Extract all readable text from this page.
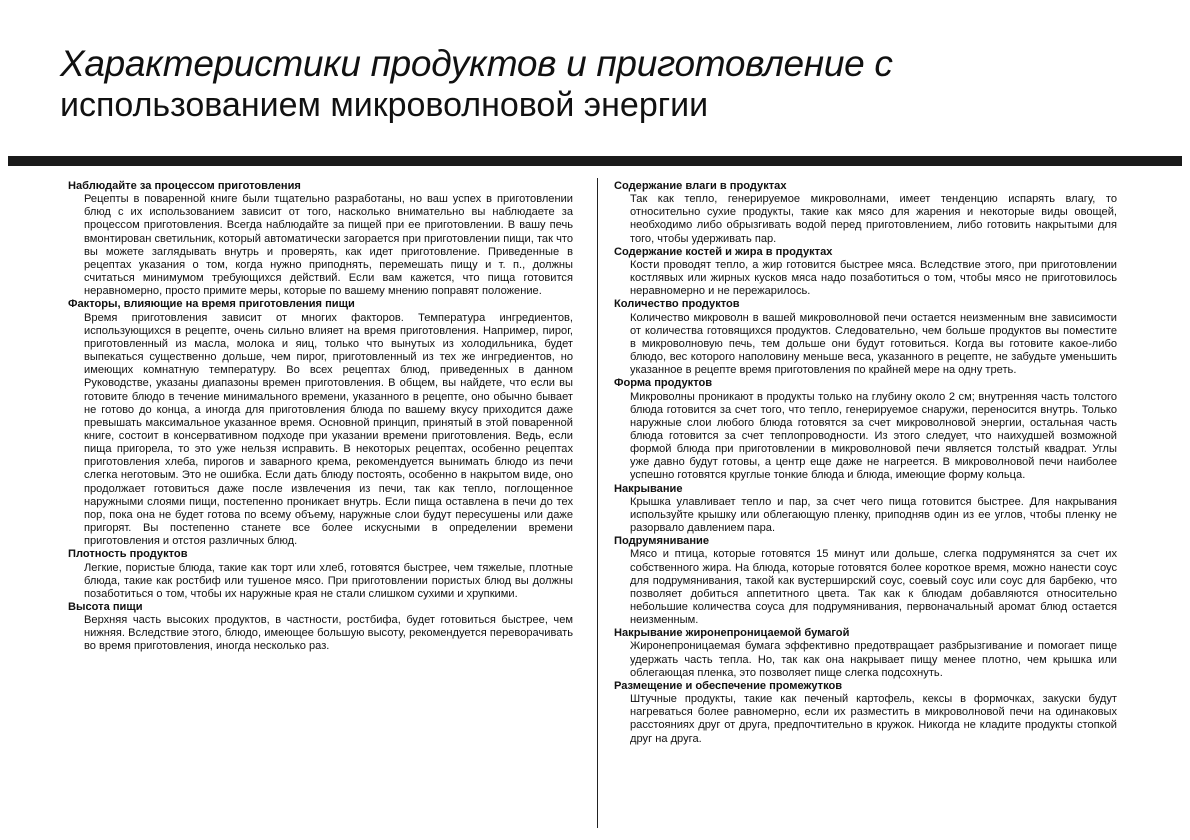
Характеристики продуктов и приготовление с
использованием микроволновой энергии
Наблюдайте за процессом приготовления

Рецепты в поваренной книге были тщательно разработаны, но ваш успех в приготовлении блюд с их использованием зависит от того, насколько внимательно вы наблюдаете за процессом приготовления. Всегда наблюдайте за пищей при ее приготовлении. В вашу печь вмонтирован светильник, который автоматически загорается при приготовлении пищи, так что вы можете заглядывать внутрь и проверять, как идет приготовление. Приведенные в рецептах указания о том, когда нужно приподнять, перемешать пищу и т. п., должны считаться минимумом требующихся действий. Если вам кажется, что пища готовится неравномерно, просто примите меры, которые по вашему мнению поправят положение.

Факторы, влияющие на время приготовления пищи

Время приготовления зависит от многих факторов. Температура ингредиентов, использующихся в рецепте, очень сильно влияет на время приготовления. Например, пирог, приготовленный из масла, молока и яиц, только что вынутых из холодильника, будет выпекаться существенно дольше, чем пирог, приготовленный из тех же ингредиентов, но имеющих комнатную температуру. Во всех рецептах блюд, приведенных в данном Руководстве, указаны диапазоны времен приготовления. В общем, вы найдете, что если вы готовите блюдо в течение минимального времени, указанного в рецепте, оно обычно бывает не готово до конца, а иногда для приготовления блюда по вашему вкусу приходится даже превышать максимальное указанное время. Основной принцип, принятый в этой поваренной книге, состоит в консервативном подходе при указании времени приготовления. Ведь, если пища пригорела, то это уже нельзя исправить. В некоторых рецептах, особенно рецептах приготовления хлеба, пирогов и заварного крема, рекомендуется вынимать блюдо из печи слегка неготовым. Это не ошибка. Если дать блюду постоять, особенно в накрытом виде, оно продолжает готовиться даже после извлечения из печи, так как тепло, поглощенное наружными слоями пищи, постепенно проникает внутрь. Если пища оставлена в печи до тех пор, пока она не будет готова по всему объему, наружные слои будут пересушены или даже пригорят. Вы постепенно станете все более искусными в определении времени приготовления и отстоя различных блюд.

Плотность продуктов

Легкие, пористые блюда, такие как торт или хлеб, готовятся быстрее, чем тяжелые, плотные блюда, такие как ростбиф или тушеное мясо. При приготовлении пористых блюд вы должны позаботиться о том, чтобы их наружные края не стали слишком сухими и хрупкими.

Высота пищи

Верхняя часть высоких продуктов, в частности, ростбифа, будет готовиться быстрее, чем нижняя. Вследствие этого, блюдо, имеющее большую высоту, рекомендуется переворачивать во время приготовления, иногда несколько раз.

Содержание влаги в продуктах

Так как тепло, генерируемое микроволнами, имеет тенденцию испарять влагу, то относительно сухие продукты, такие как мясо для жарения и некоторые виды овощей, необходимо либо обрызгивать водой перед приготовлением, либо готовить накрытыми для того, чтобы удерживать пар.

Содержание костей и жира в продуктах

Кости проводят тепло, а жир готовится быстрее мяса. Вследствие этого, при приготовлении костлявых или жирных кусков мяса надо позаботиться о том, чтобы мясо не приготовилось неравномерно и не пережарилось.

Количество продуктов

Количество микроволн в вашей микроволновой печи остается неизменным вне зависимости от количества готовящихся продуктов. Следовательно, чем больше продуктов вы поместите в микроволновую печь, тем дольше они будут готовиться. Когда вы готовите какое-либо блюдо, вес которого наполовину меньше веса, указанного в рецепте, не забудьте уменьшить указанное в рецепте время приготовления по крайней мере на одну треть.

Форма продуктов

Микроволны проникают в продукты только на глубину около 2 см; внутренняя часть толстого блюда готовится за счет того, что тепло, генерируемое снаружи, переносится внутрь. Только наружные слои любого блюда готовятся за счет микроволновой энергии, остальная часть блюда готовится за счет теплопроводности. Из этого следует, что наихудшей возможной формой блюда при приготовлении в микроволновой печи является толстый квадрат. Углы уже давно будут готовы, а центр еще даже не нагреется. В микроволновой печи наиболее успешно готовятся круглые тонкие блюда и блюда, имеющие форму кольца.

Накрывание

Крышка улавливает тепло и пар, за счет чего пища готовится быстрее. Для накрывания используйте крышку или облегающую пленку, приподняв один из ее углов, чтобы пленку не разорвало давлением пара.

Подрумянивание

Мясо и птица, которые готовятся 15 минут или дольше, слегка подрумянятся за счет их собственного жира. На блюда, которые готовятся более короткое время, можно нанести соус для подрумянивания, такой как вустерширский соус, соевый соус или соус для барбекю, что позволяет добиться аппетитного цвета. Так как к блюдам добавляются относительно небольшие количества соуса для подрумянивания, первоначальный аромат блюд остается неизменным.

Накрывание жиронепроницаемой бумагой

Жиронепроницаемая бумага эффективно предотвращает разбрызгивание и помогает пище удержать часть тепла. Но, так как она накрывает пищу менее плотно, чем крышка или облегающая пленка, это позволяет пище слегка подсохнуть.

Размещение и обеспечение промежутков

Штучные продукты, такие как печеный картофель, кексы в формочках, закуски будут нагреваться более равномерно, если их разместить в микроволновой печи на одинаковых расстояниях друг от друга, предпочтительно в кружок. Никогда не кладите продукты стопкой друг на друга.
